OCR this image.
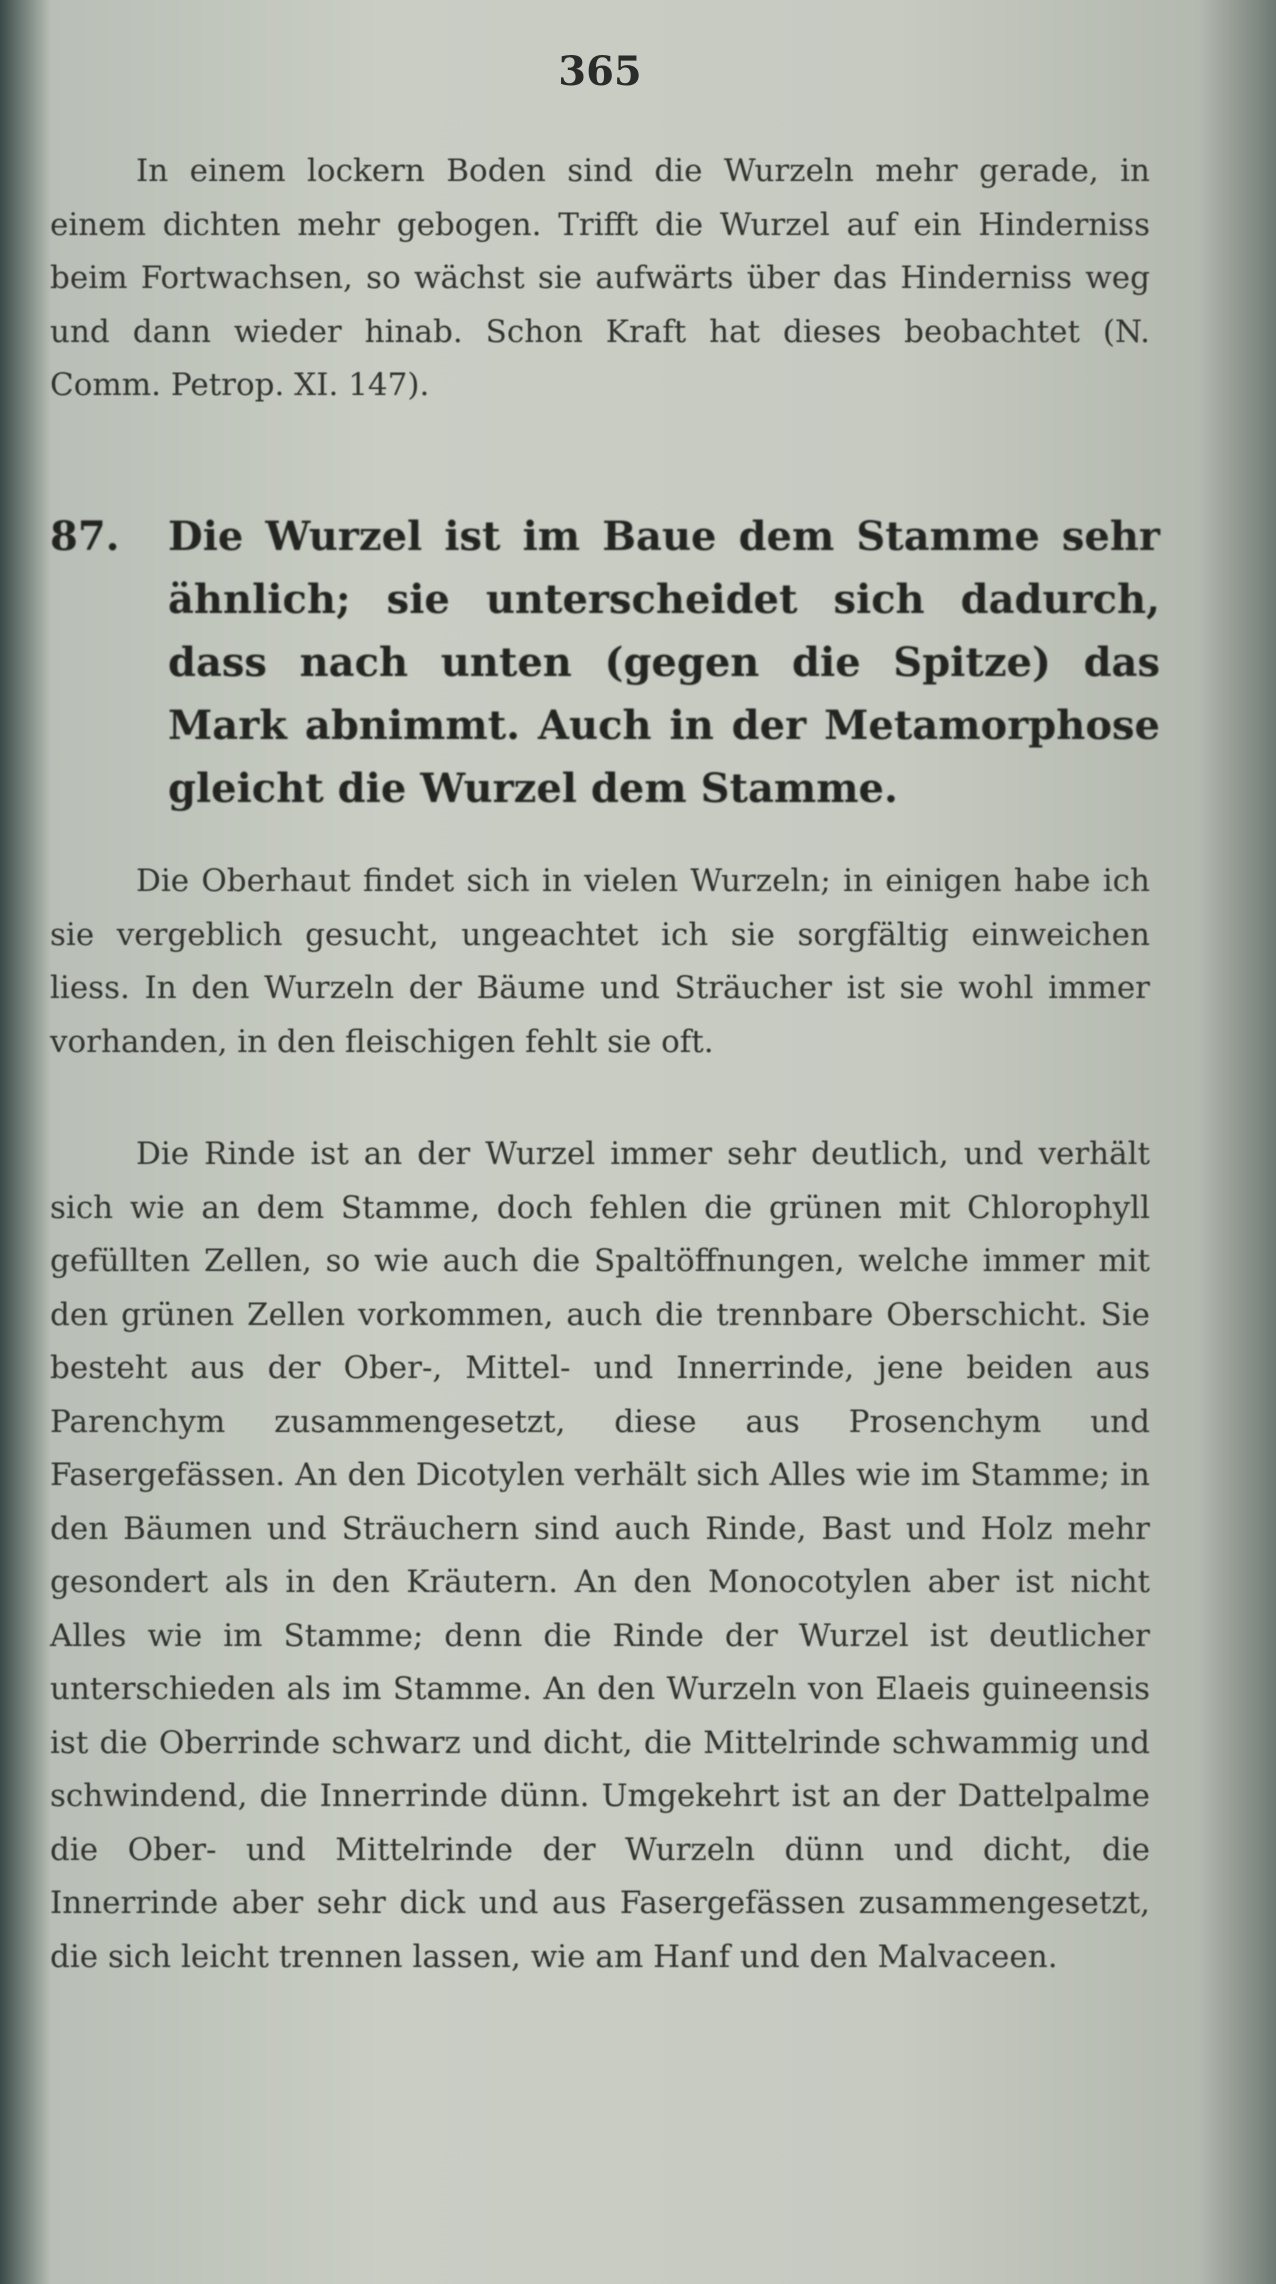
365

In einem lockern Boden sind die Wurzeln mehr gerade, in einem dichten mehr gebogen. Trifft die Wurzel auf ein Hinderniss beim Fortwachsen, so wächst sie aufwärts über das Hinderniss weg und dann wieder hinab. Schon Kraft hat dieses beobachtet (N. Comm. Petrop. XI. 147).

87. Die Wurzel ist im Baue dem Stamme sehr ähnlich; sie unterscheidet sich dadurch, dass nach unten (gegen die Spitze) das Mark abnimmt. Auch in der Metamorphose gleicht die Wurzel dem Stamme.

Die Oberhaut findet sich in vielen Wurzeln; in einigen habe ich sie vergeblich gesucht, ungeachtet ich sie sorgfältig einweichen liess. In den Wurzeln der Bäume und Sträucher ist sie wohl immer vorhanden, in den fleischigen fehlt sie oft.

Die Rinde ist an der Wurzel immer sehr deutlich, und verhält sich wie an dem Stamme, doch fehlen die grünen mit Chlorophyll gefüllten Zellen, so wie auch die Spaltöffnungen, welche immer mit den grünen Zellen vorkommen, auch die trennbare Oberschicht. Sie besteht aus der Ober-, Mittel- und Innerrinde, jene beiden aus Parenchym zusammengesetzt, diese aus Prosenchym und Fasergefässen. An den Dicotylen verhält sich Alles wie im Stamme; in den Bäumen und Sträuchern sind auch Rinde, Bast und Holz mehr gesondert als in den Kräutern. An den Monocotylen aber ist nicht Alles wie im Stamme; denn die Rinde der Wurzel ist deutlicher unterschieden als im Stamme. An den Wurzeln von Elaeis guineensis ist die Oberrinde schwarz und dicht, die Mittelrinde schwammig und schwindend, die Innerrinde dünn. Umgekehrt ist an der Dattelpalme die Ober- und Mittelrinde der Wurzeln dünn und dicht, die Innerrinde aber sehr dick und aus Fasergefässen zusammengesetzt, die sich leicht trennen lassen, wie am Hanf und den Malvaceen.
